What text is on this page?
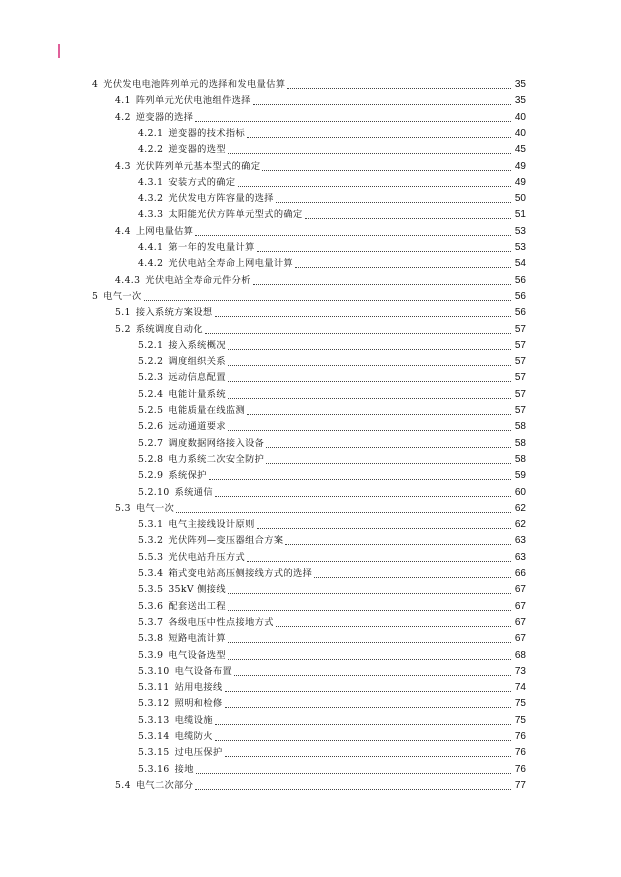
4 光伏发电电池阵列单元的选择和发电量估算	35
4.1 阵列单元光伏电池组件选择	35
4.2 逆变器的选择	40
4.2.1 逆变器的技术指标	40
4.2.2 逆变器的选型	45
4.3 光伏阵列单元基本型式的确定	49
4.3.1 安装方式的确定	49
4.3.2 光伏发电方阵容量的选择	50
4.3.3 太阳能光伏方阵单元型式的确定	51
4.4 上网电量估算	53
4.4.1 第一年的发电量计算	53
4.4.2 光伏电站全寿命上网电量计算	54
4.4.3 光伏电站全寿命元件分析	56
5 电气一次	56
5.1 接入系统方案设想	56
5.2 系统调度自动化	57
5.2.1 接入系统概况	57
5.2.2 调度组织关系	57
5.2.3 远动信息配置	57
5.2.4 电能计量系统	57
5.2.5 电能质量在线监测	57
5.2.6 远动通道要求	58
5.2.7 调度数据网络接入设备	58
5.2.8 电力系统二次安全防护	58
5.2.9 系统保护	59
5.2.10 系统通信	60
5.3 电气一次	62
5.3.1 电气主接线设计原则	62
5.3.2 光伏阵列—变压器组合方案	63
5.5.3 光伏电站升压方式	63
5.3.4 箱式变电站高压侧接线方式的选择	66
5.3.5 35kV 侧接线	67
5.3.6 配套送出工程	67
5.3.7 各级电压中性点接地方式	67
5.3.8 短路电流计算	67
5.3.9 电气设备选型	68
5.3.10 电气设备布置	73
5.3.11 站用电接线	74
5.3.12 照明和检修	75
5.3.13 电缆设施	75
5.3.14 电缆防火	76
5.3.15 过电压保护	76
5.3.16 接地	76
5.4 电气二次部分	77
